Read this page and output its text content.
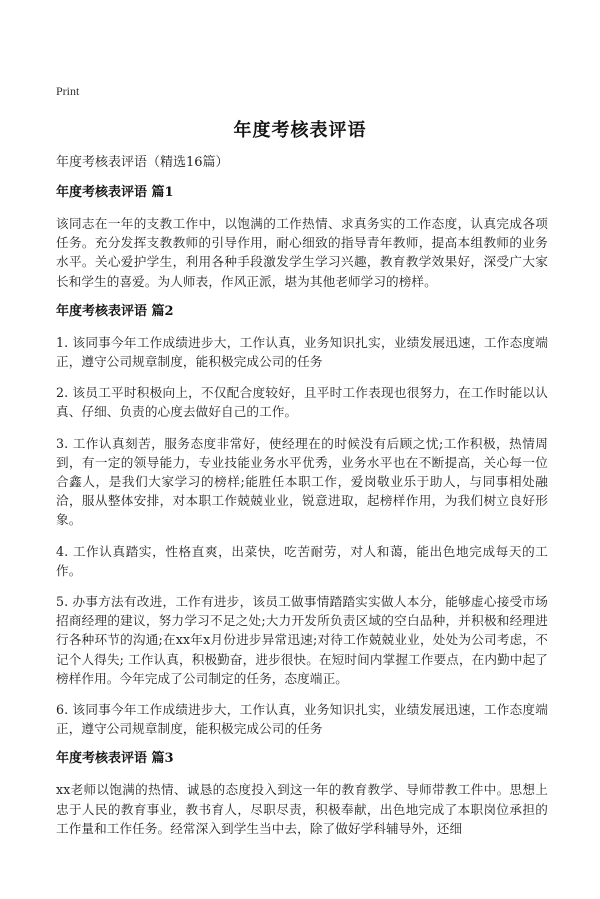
Print
年度考核表评语
年度考核表评语（精选16篇）
年度考核表评语 篇1

该同志在一年的支教工作中，以饱满的工作热情、求真务实的工作态度，认真完成各项任务。充分发挥支教教师的引导作用，耐心细致的指导青年教师，提高本组教师的业务水平。关心爱护学生，利用各种手段激发学生学习兴趣，教育教学效果好，深受广大家长和学生的喜爱。为人师表，作风正派，堪为其他老师学习的榜样。

年度考核表评语 篇2

1. 该同事今年工作成绩进步大，工作认真，业务知识扎实，业绩发展迅速，工作态度端正，遵守公司规章制度，能积极完成公司的任务

2. 该员工平时积极向上，不仅配合度较好，且平时工作表现也很努力，在工作时能以认真、仔细、负责的心度去做好自己的工作。

3. 工作认真刻苦，服务态度非常好，使经理在的时候没有后顾之忧;工作积极，热情周到，有一定的领导能力，专业技能业务水平优秀，业务水平也在不断提高，关心每一位合鑫人，是我们大家学习的榜样;能胜任本职工作，爱岗敬业乐于助人，与同事相处融洽，服从整体安排，对本职工作兢兢业业，锐意进取，起榜样作用，为我们树立良好形象。

4. 工作认真踏实，性格直爽，出菜快，吃苦耐劳，对人和蔼，能出色地完成每天的工作。

5. 办事方法有改进，工作有进步，该员工做事情踏踏实实做人本分，能够虚心接受市场招商经理的建议，努力学习不足之处;大力开发所负责区域的空白品种，并积极和经理进行各种环节的沟通;在xx年x月份进步异常迅速;对待工作兢兢业业，处处为公司考虑，不记个人得失; 工作认真，积极勤奋，进步很快。在短时间内掌握工作要点，在内勤中起了榜样作用。今年完成了公司制定的任务，态度端正。

6. 该同事今年工作成绩进步大，工作认真，业务知识扎实，业绩发展迅速，工作态度端正，遵守公司规章制度，能积极完成公司的任务

年度考核表评语 篇3

xx老师以饱满的热情、诚恳的态度投入到这一年的教育教学、导师带教工件中。思想上忠于人民的教育事业，教书育人，尽职尽责，积极奉献，出色地完成了本职岗位承担的工作量和工作任务。经常深入到学生当中去，除了做好学科辅导外，还细
